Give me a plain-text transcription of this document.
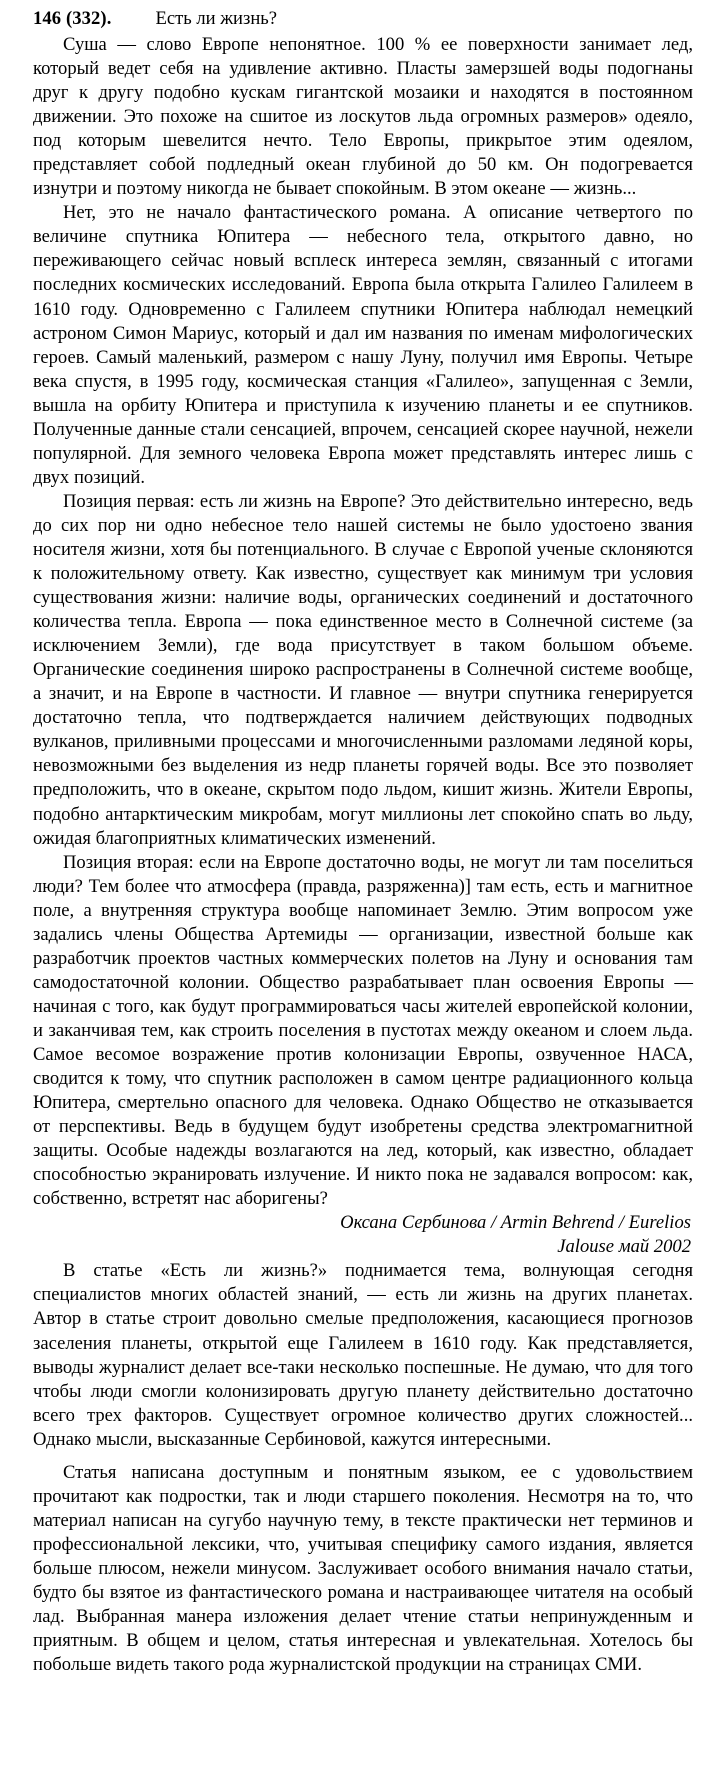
146 (332). Есть ли жизнь?

Суша — слово Европе непонятное. 100 % ее поверхности занимает лед, который ведет себя на удивление активно. Пласты замерзшей воды подогнаны друг к другу подобно кускам гигантской мозаики и находятся в постоянном движении. Это похоже на сшитое из лоскутов льда огромных размеров» одеяло, под которым шевелится нечто. Тело Европы, прикрытое этим одеялом, представляет собой подледный океан глубиной до 50 км. Он подогревается изнутри и поэтому никогда не бывает спокойным. В этом океане — жизнь...

Нет, это не начало фантастического романа. А описание четвертого по величине спутника Юпитера — небесного тела, открытого давно, но переживающего сейчас новый всплеск интереса землян, связанный с итогами последних космических исследований. Европа была открыта Галилео Галилеем в 1610 году. Одновременно с Галилеем спутники Юпитера наблюдал немецкий астроном Симон Мариус, который и дал им названия по именам мифологических героев. Самый маленький, размером с нашу Луну, получил имя Европы. Четыре века спустя, в 1995 году, космическая станция «Галилео», запущенная с Земли, вышла на орбиту Юпитера и приступила к изучению планеты и ее спутников. Полученные данные стали сенсацией, впрочем, сенсацией скорее научной, нежели популярной. Для земного человека Европа может представлять интерес лишь с двух позиций.

Позиция первая: есть ли жизнь на Европе? Это действительно интересно, ведь до сих пор ни одно небесное тело нашей системы не было удостоено звания носителя жизни, хотя бы потенциального. В случае с Европой ученые склоняются к положительному ответу. Как известно, существует как минимум три условия существования жизни: наличие воды, органических соединений и достаточного количества тепла. Европа — пока единственное место в Солнечной системе (за исключением Земли), где вода присутствует в таком большом объеме. Органические соединения широко распространены в Солнечной системе вообще, а значит, и на Европе в частности. И главное — внутри спутника генерируется достаточно тепла, что подтверждается наличием действующих подводных вулканов, приливными процессами и многочисленными разломами ледяной коры, невозможными без выделения из недр планеты горячей воды. Все это позволяет предположить, что в океане, скрытом подо льдом, кишит жизнь. Жители Европы, подобно антарктическим микробам, могут миллионы лет спокойно спать во льду, ожидая благоприятных климатических изменений.

Позиция вторая: если на Европе достаточно воды, не могут ли там поселиться люди? Тем более что атмосфера (правда, разряженна)] там есть, есть и магнитное поле, а внутренняя структура вообще напоминает Землю. Этим вопросом уже задались члены Общества Артемиды — организации, известной больше как разработчик проектов частных коммерческих полетов на Луну и основания там самодостаточной колонии. Общество разрабатывает план освоения Европы — начиная с того, как будут программироваться часы жителей европейской колонии, и заканчивая тем, как строить поселения в пустотах между океаном и слоем льда. Самое весомое возражение против колонизации Европы, озвученное НАСА, сводится к тому, что спутник расположен в самом центре радиационного кольца Юпитера, смертельно опасного для человека. Однако Общество не отказывается от перспективы. Ведь в будущем будут изобретены средства электромагнитной защиты. Особые надежды возлагаются на лед, который, как известно, обладает способностью экранировать излучение. И никто пока не задавался вопросом: как, собственно, встретят нас аборигены?

Оксана Сербинова / Armin Behrend / Eurelios

Jalouse май 2002

В статье «Есть ли жизнь?» поднимается тема, волнующая сегодня специалистов многих областей знаний, — есть ли жизнь на других планетах. Автор в статье строит довольно смелые предположения, касающиеся прогнозов заселения планеты, открытой еще Галилеем в 1610 году. Как представляется, выводы журналист делает все-таки несколько поспешные. Не думаю, что для того чтобы люди смогли колонизировать другую планету действительно достаточно всего трех факторов. Существует огромное количество других сложностей... Однако мысли, высказанные Сербиновой, кажутся интересными.

Статья написана доступным и понятным языком, ее с удовольствием прочитают как подростки, так и люди старшего поколения. Несмотря на то, что материал написан на сугубо научную тему, в тексте практически нет терминов и профессиональной лексики, что, учитывая специфику самого издания, является больше плюсом, нежели минусом. Заслуживает особого внимания начало статьи, будто бы взятое из фантастического романа и настраивающее читателя на особый лад. Выбранная манера изложения делает чтение статьи непринужденным и приятным. В общем и целом, статья интересная и увлекательная. Хотелось бы побольше видеть такого рода журналистской продукции на страницах СМИ.
